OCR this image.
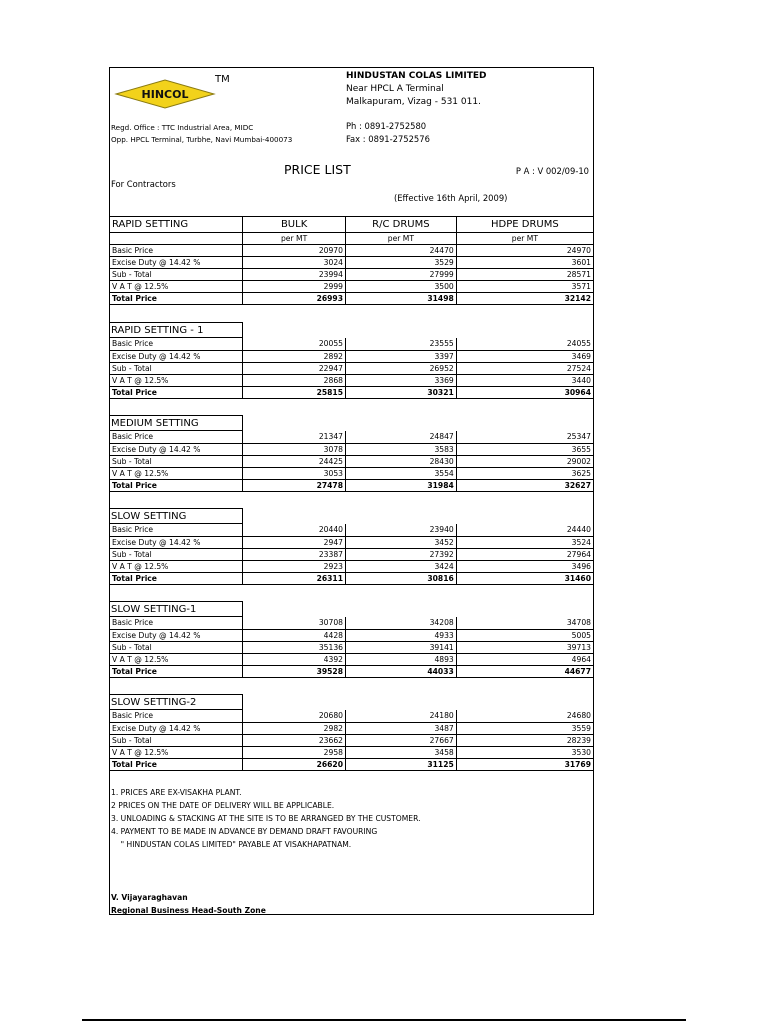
HINCOL
TM	HINDUSTAN COLAS LIMITED
Near HPCL A Terminal
Malkapuram, Vizag - 531 011.
Regd. Office : TTC Industrial Area, MIDC
Opp. HPCL Terminal, Turbhe, Navi Mumbai-400073
Ph : 0891-2752580
Fax : 0891-2752576
PRICE LIST	P A : V 002/09-10
For Contractors
(Effective 16th April, 2009)
RAPID SETTING	BULK	R/C DRUMS	HDPE DRUMS
	per MT	per MT	per MT
Basic Price	20970	24470	24970
Excise Duty @ 14.42 %	3024	3529	3601
Sub - Total	23994	27999	28571
V A T @ 12.5%	2999	3500	3571
Total Price	26993	31498	32142
RAPID SETTING - 1
Basic Price	20055	23555	24055
Excise Duty @ 14.42 %	2892	3397	3469
Sub - Total	22947	26952	27524
V A T @ 12.5%	2868	3369	3440
Total Price	25815	30321	30964
MEDIUM SETTING
Basic Price	21347	24847	25347
Excise Duty @ 14.42 %	3078	3583	3655
Sub - Total	24425	28430	29002
V A T @ 12.5%	3053	3554	3625
Total Price	27478	31984	32627
SLOW SETTING
Basic Price	20440	23940	24440
Excise Duty @ 14.42 %	2947	3452	3524
Sub - Total	23387	27392	27964
V A T @ 12.5%	2923	3424	3496
Total Price	26311	30816	31460
SLOW SETTING-1
Basic Price	30708	34208	34708
Excise Duty @ 14.42 %	4428	4933	5005
Sub - Total	35136	39141	39713
V A T @ 12.5%	4392	4893	4964
Total Price	39528	44033	44677
SLOW SETTING-2
Basic Price	20680	24180	24680
Excise Duty @ 14.42 %	2982	3487	3559
Sub - Total	23662	27667	28239
V A T @ 12.5%	2958	3458	3530
Total Price	26620	31125	31769
1. PRICES ARE EX-VISAKHA PLANT.
2 PRICES ON THE DATE OF DELIVERY WILL BE APPLICABLE.
3. UNLOADING & STACKING AT THE SITE IS TO BE ARRANGED BY THE CUSTOMER.
4. PAYMENT TO BE MADE IN ADVANCE BY DEMAND DRAFT FAVOURING
" HINDUSTAN COLAS LIMITED" PAYABLE AT VISAKHAPATNAM.
V. Vijayaraghavan
Regional Business Head-South Zone
